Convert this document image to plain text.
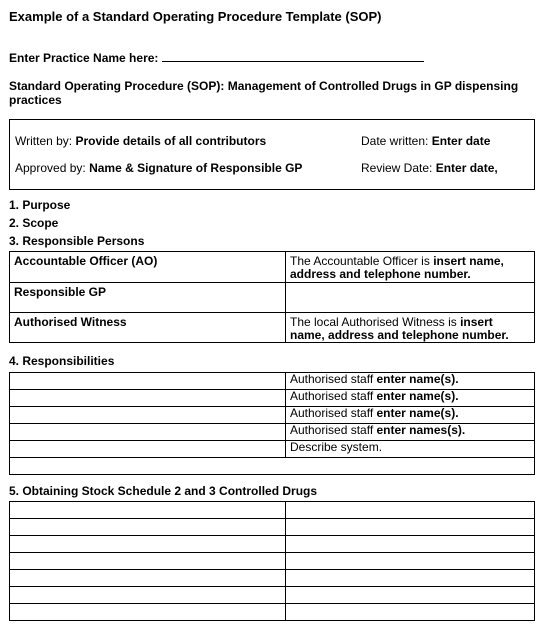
Example of a Standard Operating Procedure Template (SOP)
Enter Practice Name here:
Standard Operating Procedure (SOP): Management of Controlled Drugs in GP dispensing practices
Written by: Provide details of all contributors	Date written: Enter date
Approved by: Name & Signature of Responsible GP	Review Date: Enter date,
1. Purpose
2. Scope
3. Responsible Persons
Accountable Officer (AO)	The Accountable Officer is insert name, address and telephone number.
Responsible GP	
Authorised Witness	The local Authorised Witness is insert name, address and telephone number.
4. Responsibilities
	Authorised staff enter name(s).
	Authorised staff enter name(s).
	Authorised staff enter name(s).
	Authorised staff enter names(s).
	Describe system.

5. Obtaining Stock Schedule 2 and 3 Controlled Drugs
